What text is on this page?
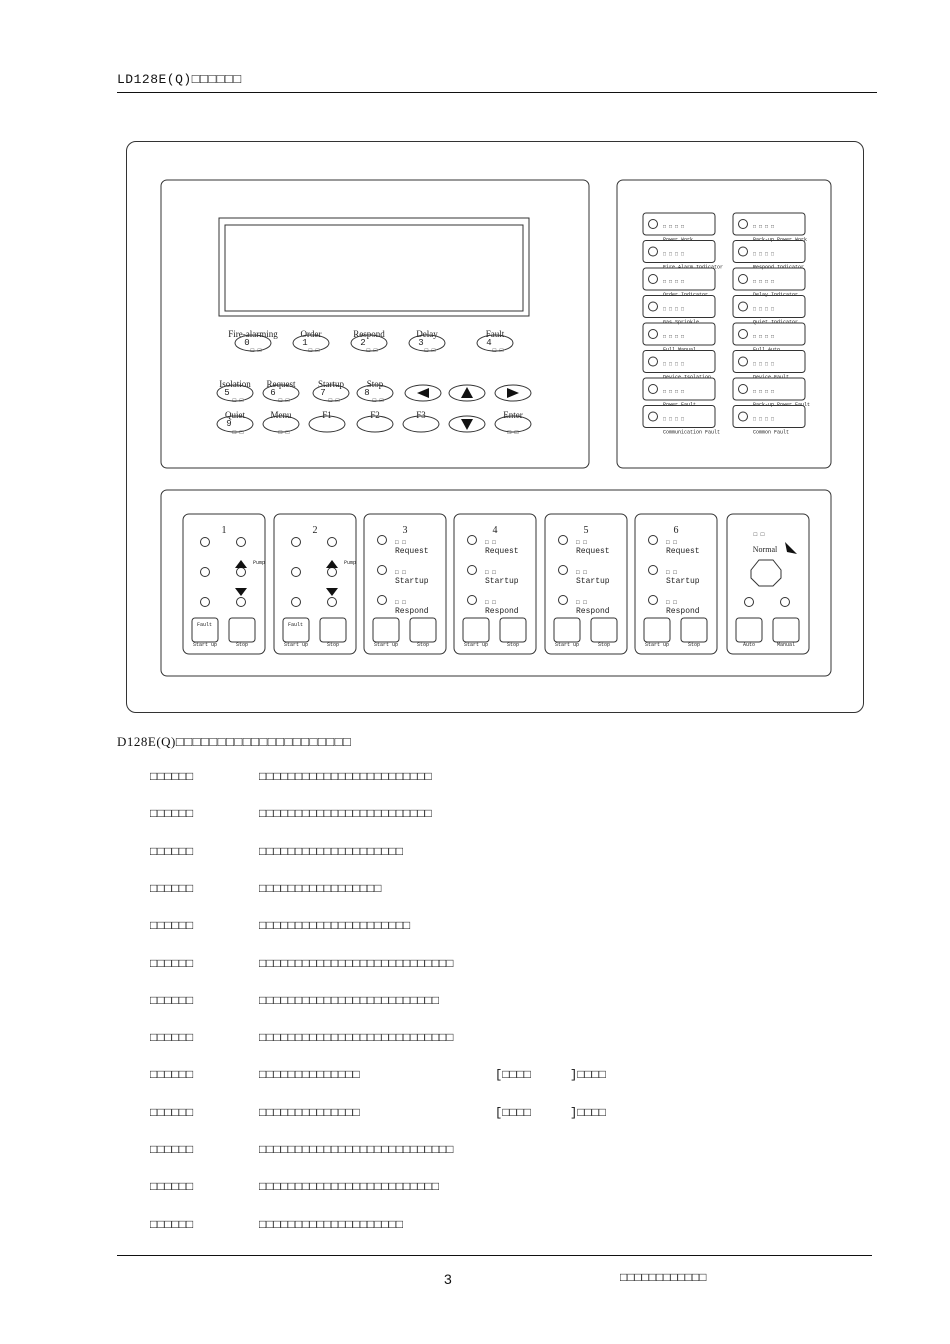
LD128E(Q)□□□□□□
Fire-alarming
0
□ □
Order
1
□ □
Respond
2
□ □
Delay
3
□ □
Fault
4
□ □
Isolation
5
□ □
Request
6
□ □
Startup
7
□ □
Stop
8
□ □
Quiet
9
□ □
Menu
□ □
F1	F2	F3	Enter
□ □
□ □ □ □
Power Work
□ □ □ □
Back-up Power Work
□ □ □ □
Fire Alarm Indicator
□ □ □ □
Respond Indicator
□ □ □ □
Order Indicator
□ □ □ □
Delay Indicator
□ □ □ □
Gas Sprinkle
□ □ □ □
Quiet Indicator
□ □ □ □
Full Manual
□ □ □ □
Full Auto
□ □ □ □
Device Isolation
□ □ □ □
Device Fault
□ □ □ □
Power Fault
□ □ □ □
Back-up Power Fault
□ □ □ □
Communication Fault
□ □ □ □
Common Fault
1
Pump
Fault
Start up	Stop
2
Pump
Fault
Start up	Stop
3
□ □
Request
□ □
Startup
□ □
Respond
Start up	Stop
4
□ □
Request
□ □
Startup
□ □
Respond
Start up	Stop
5
□ □
Request
□ □
Startup
□ □
Respond
Start up	Stop
6
□ □
Request
□ □
Startup
□ □
Respond
Start up	Stop
□ □
Normal
Auto	Manual
D128E(Q)□□□□□□□□□□□□□□□□□□□□□
□□□□□□	□□□□□□□□□□□□□□□□□□□□□□□□
□□□□□□	□□□□□□□□□□□□□□□□□□□□□□□□
□□□□□□	□□□□□□□□□□□□□□□□□□□□
□□□□□□	□□□□□□□□□□□□□□□□□
□□□□□□	□□□□□□□□□□□□□□□□□□□□□
□□□□□□	□□□□□□□□□□□□□□□□□□□□□□□□□□□
□□□□□□	□□□□□□□□□□□□□□□□□□□□□□□□□
□□□□□□	□□□□□□□□□□□□□□□□□□□□□□□□□□□
□□□□□□	□□□□□□□□□□□□□□	[□□□□	]□□□□
□□□□□□	□□□□□□□□□□□□□□	[□□□□	]□□□□
□□□□□□	□□□□□□□□□□□□□□□□□□□□□□□□□□□
□□□□□□	□□□□□□□□□□□□□□□□□□□□□□□□□
□□□□□□	□□□□□□□□□□□□□□□□□□□□
3	□□□□□□□□□□□□
